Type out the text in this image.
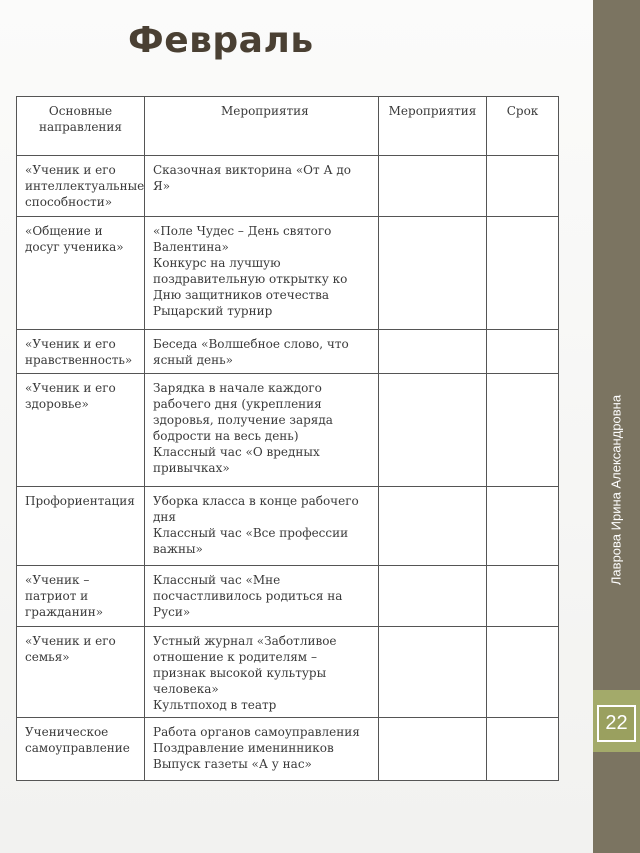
Февраль
Основные направления	Мероприятия	Мероприятия	Срок
«Ученик и его интеллектуальные способности»	Сказочная викторина «От А до Я»		

«Общение и досуг ученика»	«Поле Чудес – День святого Валентина»
Конкурс на лучшую поздравительную открытку ко Дню защитников отечества
Рыцарский турнир		

«Ученик и его нравственность»	Беседа «Волшебное слово, что ясный день»		

«Ученик и его здоровье»	Зарядка в начале каждого рабочего дня (укрепления здоровья, получение заряда бодрости на весь день)
Классный час «О вредных привычках»		

Профориентация	Уборка класса в конце рабочего дня
Классный час «Все профессии важны»		

«Ученик – патриот и гражданин»	Классный час «Мне посчастливилось родиться на Руси»		

«Ученик и его семья»	Устный журнал «Заботливое отношение к родителям – признак высокой культуры человека»
Культпоход в театр		

Ученическое самоуправление	Работа органов самоуправления
Поздравление именинников
Выпуск газеты «А у нас»		

Лаврова Ирина Александровна
22
